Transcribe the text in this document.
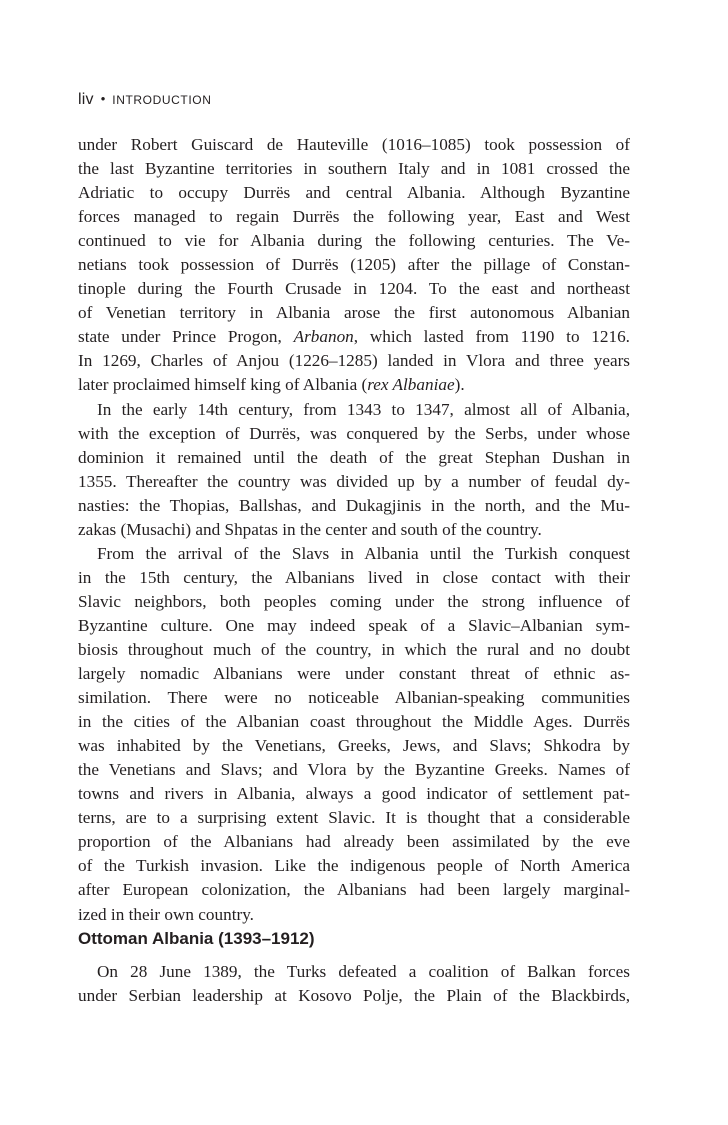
liv • INTRODUCTION
under Robert Guiscard de Hauteville (1016–1085) took possession of
the last Byzantine territories in southern Italy and in 1081 crossed the
Adriatic to occupy Durrës and central Albania. Although Byzantine
forces managed to regain Durrës the following year, East and West
continued to vie for Albania during the following centuries. The Ve-
netians took possession of Durrës (1205) after the pillage of Constan-
tinople during the Fourth Crusade in 1204. To the east and northeast
of Venetian territory in Albania arose the first autonomous Albanian
state under Prince Progon, Arbanon, which lasted from 1190 to 1216.
In 1269, Charles of Anjou (1226–1285) landed in Vlora and three years
later proclaimed himself king of Albania (rex Albaniae).
In the early 14th century, from 1343 to 1347, almost all of Albania,
with the exception of Durrës, was conquered by the Serbs, under whose
dominion it remained until the death of the great Stephan Dushan in
1355. Thereafter the country was divided up by a number of feudal dy-
nasties: the Thopias, Ballshas, and Dukagjinis in the north, and the Mu-
zakas (Musachi) and Shpatas in the center and south of the country.
From the arrival of the Slavs in Albania until the Turkish conquest
in the 15th century, the Albanians lived in close contact with their
Slavic neighbors, both peoples coming under the strong influence of
Byzantine culture. One may indeed speak of a Slavic–Albanian sym-
biosis throughout much of the country, in which the rural and no doubt
largely nomadic Albanians were under constant threat of ethnic as-
similation. There were no noticeable Albanian-speaking communities
in the cities of the Albanian coast throughout the Middle Ages. Durrës
was inhabited by the Venetians, Greeks, Jews, and Slavs; Shkodra by
the Venetians and Slavs; and Vlora by the Byzantine Greeks. Names of
towns and rivers in Albania, always a good indicator of settlement pat-
terns, are to a surprising extent Slavic. It is thought that a considerable
proportion of the Albanians had already been assimilated by the eve
of the Turkish invasion. Like the indigenous people of North America
after European colonization, the Albanians had been largely marginal-
ized in their own country.
Ottoman Albania (1393–1912)
On 28 June 1389, the Turks defeated a coalition of Balkan forces
under Serbian leadership at Kosovo Polje, the Plain of the Blackbirds,
